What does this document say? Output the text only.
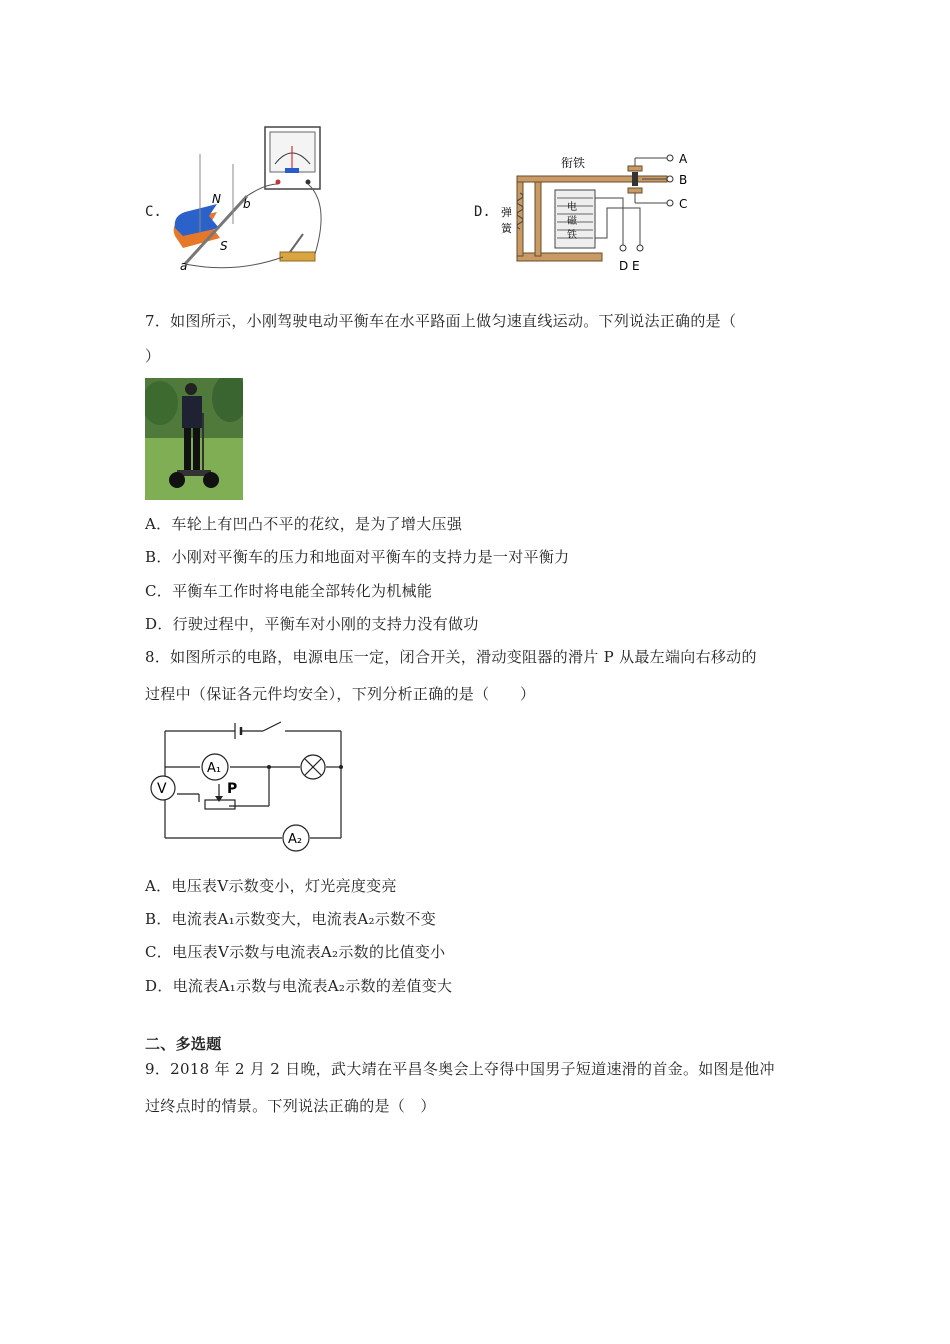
C.
N
S
a
b	D.
衔铁
弹
簧
电
磁
铁
A
B
C
D E
7．如图所示，小刚驾驶电动平衡车在水平路面上做匀速直线运动。下列说法正确的是（
）
A．车轮上有凹凸不平的花纹，是为了增大压强
B．小刚对平衡车的压力和地面对平衡车的支持力是一对平衡力
C．平衡车工作时将电能全部转化为机械能
D．行驶过程中，平衡车对小刚的支持力没有做功
8．如图所示的电路，电源电压一定，闭合开关，滑动变阻器的滑片 P 从最左端向右移动的
过程中（保证各元件均安全），下列分析正确的是（　　）
V
A₁
A₂
P
A．电压表V示数变小，灯光亮度变亮
B．电流表A₁示数变大，电流表A₂示数不变
C．电压表V示数与电流表A₂示数的比值变小
D．电流表A₁示数与电流表A₂示数的差值变大
二、多选题
9．2018 年 2 月 2 日晚，武大靖在平昌冬奥会上夺得中国男子短道速滑的首金。如图是他冲
过终点时的情景。下列说法正确的是（　）
